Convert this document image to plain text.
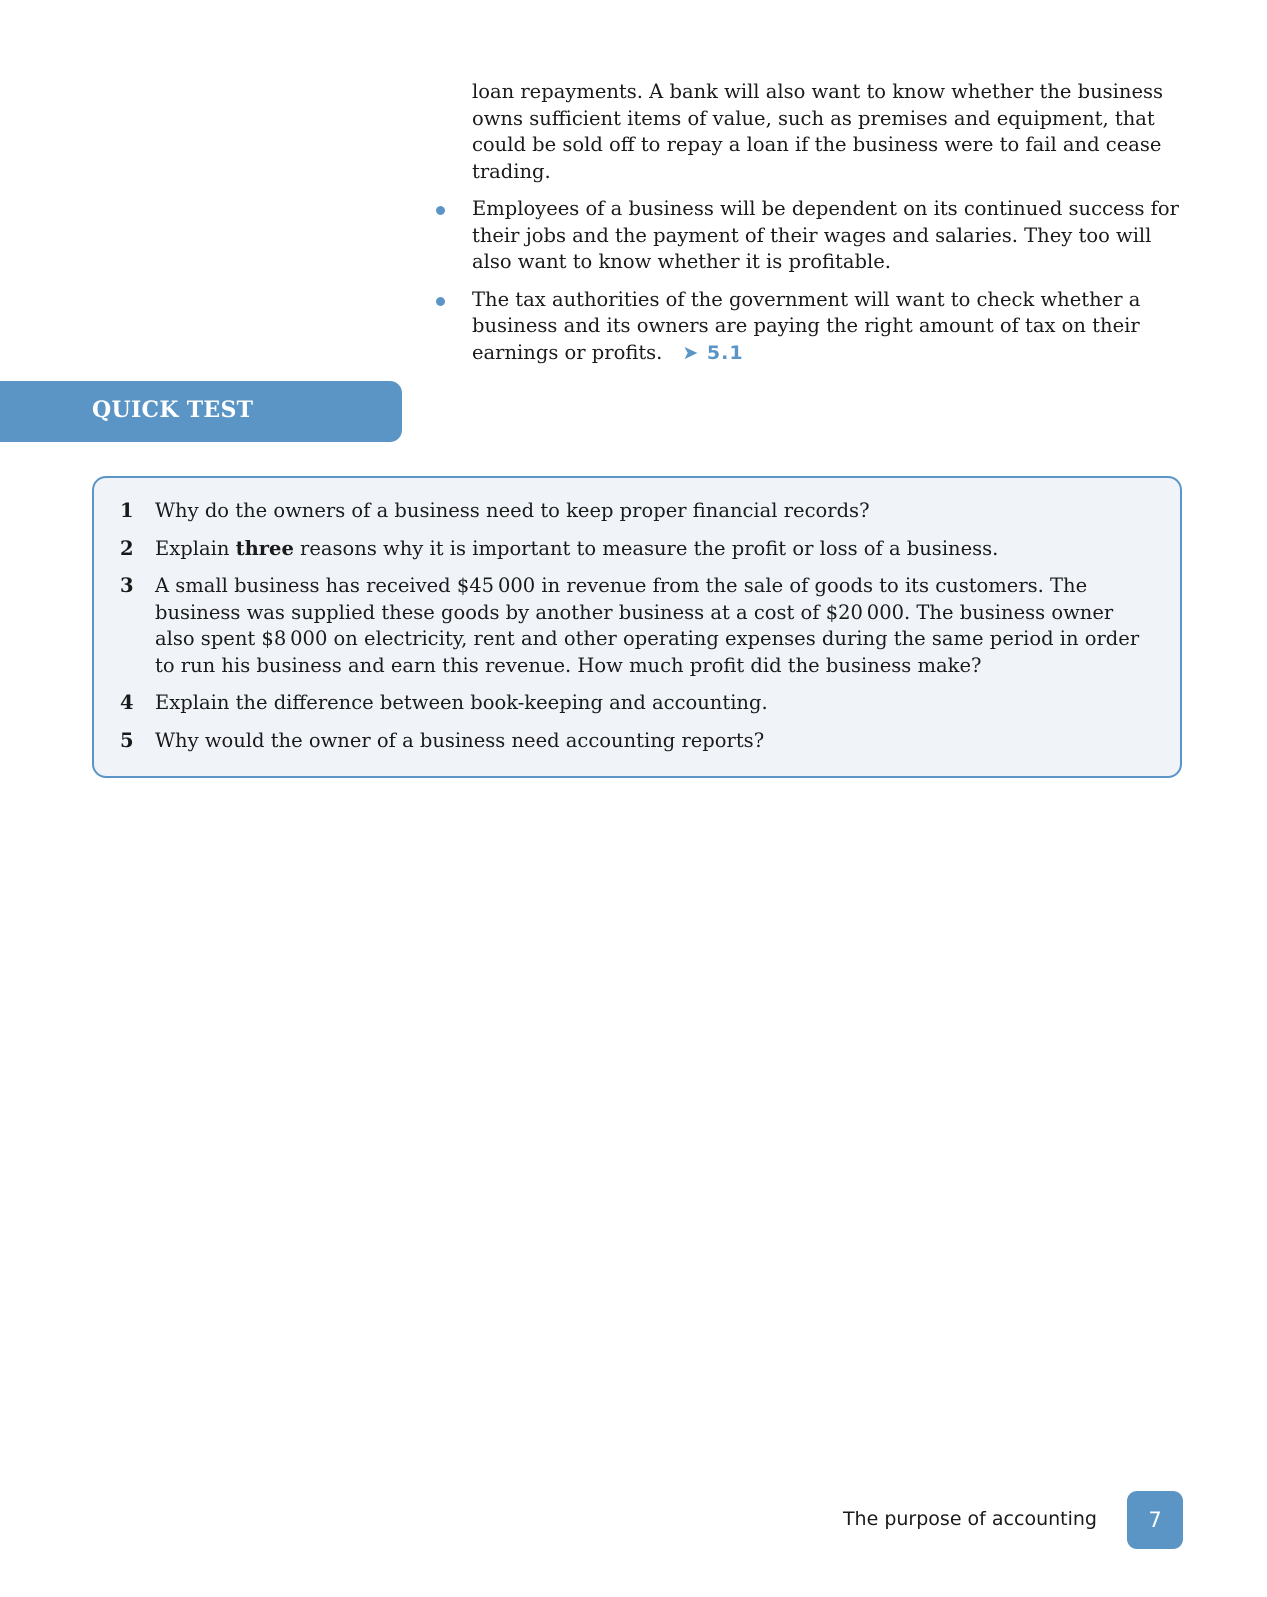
loan repayments. A bank will also want to know whether the business owns sufficient items of value, such as premises and equipment, that could be sold off to repay a loan if the business were to fail and cease trading.

Employees of a business will be dependent on its continued success for their jobs and the payment of their wages and salaries. They too will also want to know whether it is profitable.
The tax authorities of the government will want to check whether a business and its owners are paying the right amount of tax on their earnings or profits. ➤ 5.1
QUICK TEST
1	Why do the owners of a business need to keep proper financial records?
2	Explain three reasons why it is important to measure the profit or loss of a business.
3	A small business has received $45 000 in revenue from the sale of goods to its customers. The business was supplied these goods by another business at a cost of $20 000. The business owner also spent $8 000 on electricity, rent and other operating expenses during the same period in order to run his business and earn this revenue. How much profit did the business make?
4	Explain the difference between book-keeping and accounting.
5	Why would the owner of a business need accounting reports?
The purpose of accounting	7
